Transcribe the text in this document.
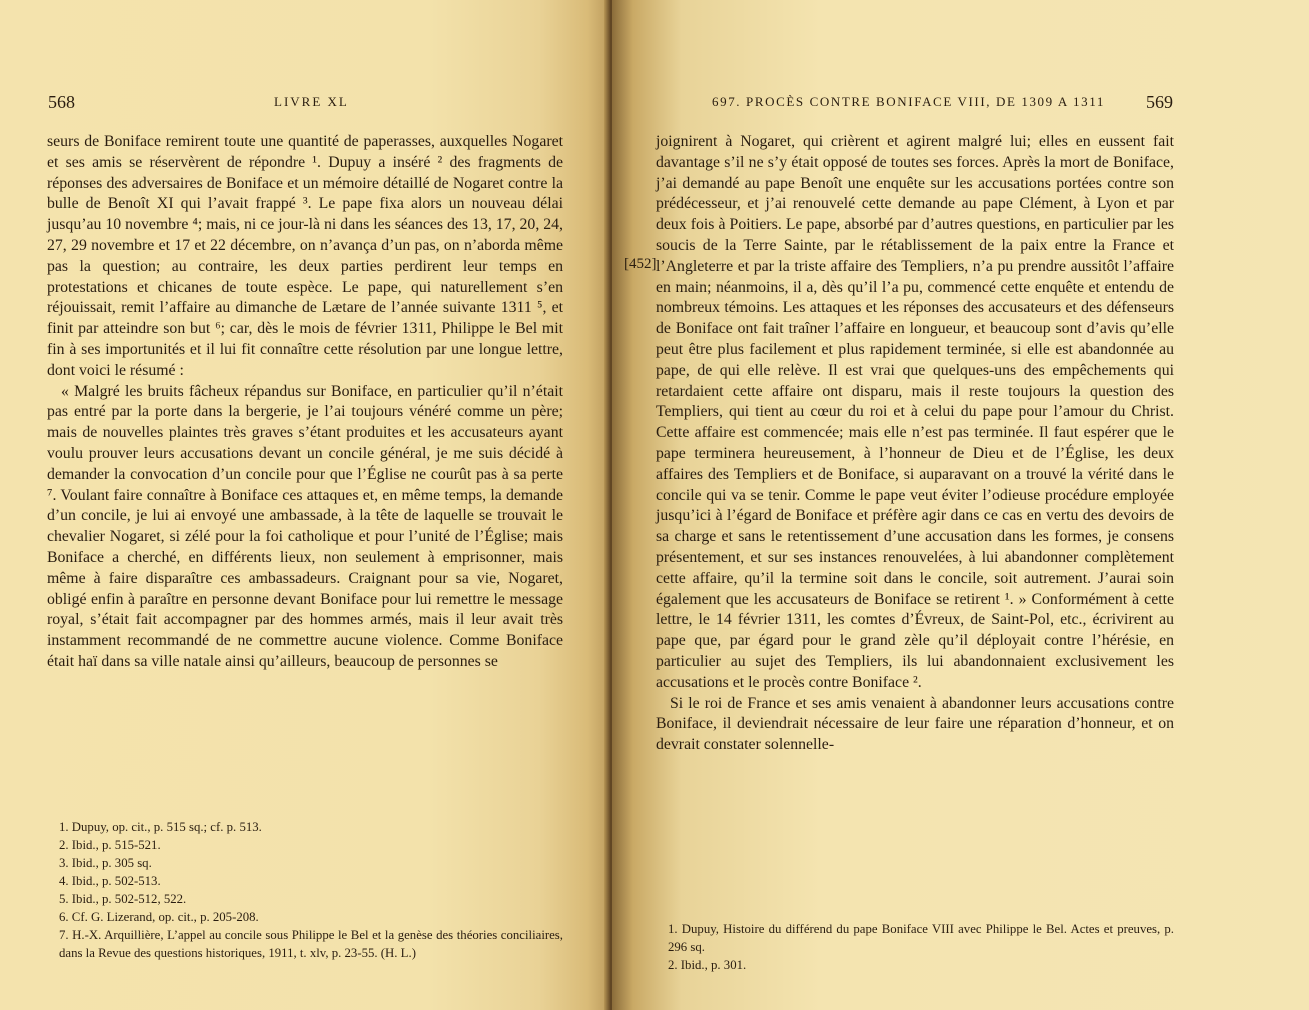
568	LIVRE XL

seurs de Boniface remirent toute une quantité de paperasses, auxquelles Nogaret et ses amis se réservèrent de répondre ¹. Dupuy a inséré ² des fragments de réponses des adversaires de Boniface et un mémoire détaillé de Nogaret contre la bulle de Benoît XI qui l’avait frappé ³. Le pape fixa alors un nouveau délai jusqu’au 10 novembre ⁴; mais, ni ce jour-là ni dans les séances des 13, 17, 20, 24, 27, 29 novembre et 17 et 22 décembre, on n’avança d’un pas, on n’aborda même pas la question; au contraire, les deux parties perdirent leur temps en protestations et chicanes de toute espèce. Le pape, qui naturellement s’en réjouissait, remit l’affaire au dimanche de Lætare de l’année suivante 1311 ⁵, et finit par atteindre son but ⁶; car, dès le mois de février 1311, Philippe le Bel mit fin à ses importunités et il lui fit connaître cette résolution par une longue lettre, dont voici le résumé :

« Malgré les bruits fâcheux répandus sur Boniface, en particulier qu’il n’était pas entré par la porte dans la bergerie, je l’ai toujours vénéré comme un père; mais de nouvelles plaintes très graves s’étant produites et les accusateurs ayant voulu prouver leurs accusations devant un concile général, je me suis décidé à demander la convocation d’un concile pour que l’Église ne courût pas à sa perte ⁷. Voulant faire connaître à Boniface ces attaques et, en même temps, la demande d’un concile, je lui ai envoyé une ambassade, à la tête de laquelle se trouvait le chevalier Nogaret, si zélé pour la foi catholique et pour l’unité de l’Église; mais Boniface a cherché, en différents lieux, non seulement à emprisonner, mais même à faire disparaître ces ambassadeurs. Craignant pour sa vie, Nogaret, obligé enfin à paraître en personne devant Boniface pour lui remettre le message royal, s’était fait accompagner par des hommes armés, mais il leur avait très instamment recommandé de ne commettre aucune violence. Comme Boniface était haï dans sa ville natale ainsi qu’ailleurs, beaucoup de personnes se

1. Dupuy, op. cit., p. 515 sq.; cf. p. 513.
2. Ibid., p. 515-521.
3. Ibid., p. 305 sq.
4. Ibid., p. 502-513.
5. Ibid., p. 502-512, 522.
6. Cf. G. Lizerand, op. cit., p. 205-208.
7. H.-X. Arquillière, L’appel au concile sous Philippe le Bel et la genèse des théories conciliaires, dans la Revue des questions historiques, 1911, t. xlv, p. 23-55. (H. L.)
697. PROCÈS CONTRE BONIFACE VIII, DE 1309 A 1311 569
[452]

joignirent à Nogaret, qui crièrent et agirent malgré lui; elles en eussent fait davantage s’il ne s’y était opposé de toutes ses forces. Après la mort de Boniface, j’ai demandé au pape Benoît une enquête sur les accusations portées contre son prédécesseur, et j’ai renouvelé cette demande au pape Clément, à Lyon et par deux fois à Poitiers. Le pape, absorbé par d’autres questions, en particulier par les soucis de la Terre Sainte, par le rétablissement de la paix entre la France et l’Angleterre et par la triste affaire des Templiers, n’a pu prendre aussitôt l’affaire en main; néanmoins, il a, dès qu’il l’a pu, commencé cette enquête et entendu de nombreux témoins. Les attaques et les réponses des accusateurs et des défenseurs de Boniface ont fait traîner l’affaire en longueur, et beaucoup sont d’avis qu’elle peut être plus facilement et plus rapidement terminée, si elle est abandonnée au pape, de qui elle relève. Il est vrai que quelques-uns des empêchements qui retardaient cette affaire ont disparu, mais il reste toujours la question des Templiers, qui tient au cœur du roi et à celui du pape pour l’amour du Christ. Cette affaire est commencée; mais elle n’est pas terminée. Il faut espérer que le pape terminera heureusement, à l’honneur de Dieu et de l’Église, les deux affaires des Templiers et de Boniface, si auparavant on a trouvé la vérité dans le concile qui va se tenir. Comme le pape veut éviter l’odieuse procédure employée jusqu’ici à l’égard de Boniface et préfère agir dans ce cas en vertu des devoirs de sa charge et sans le retentissement d’une accusation dans les formes, je consens présentement, et sur ses instances renouvelées, à lui abandonner complètement cette affaire, qu’il la termine soit dans le concile, soit autrement. J’aurai soin également que les accusateurs de Boniface se retirent ¹. » Conformément à cette lettre, le 14 février 1311, les comtes d’Évreux, de Saint-Pol, etc., écrivirent au pape que, par égard pour le grand zèle qu’il déployait contre l’hérésie, en particulier au sujet des Templiers, ils lui abandonnaient exclusivement les accusations et le procès contre Boniface ².

Si le roi de France et ses amis venaient à abandonner leurs accusations contre Boniface, il deviendrait nécessaire de leur faire une réparation d’honneur, et on devrait constater solennelle-

1. Dupuy, Histoire du différend du pape Boniface VIII avec Philippe le Bel. Actes et preuves, p. 296 sq.
2. Ibid., p. 301.
